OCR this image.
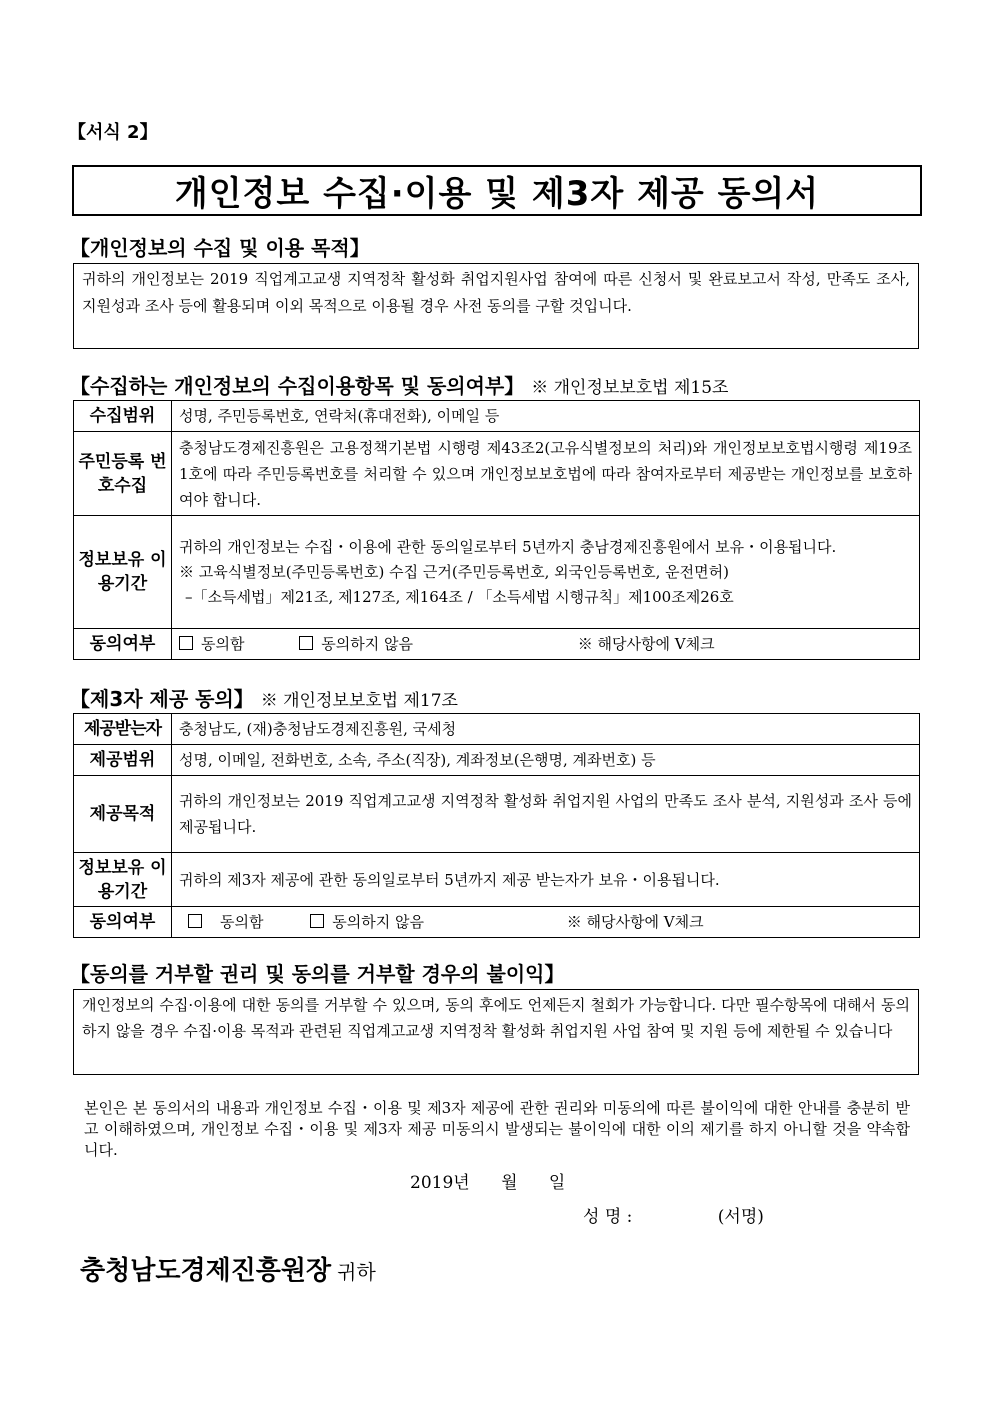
【서식 2】
개인정보 수집·이용 및 제3자 제공 동의서
【개인정보의 수집 및 이용 목적】
귀하의 개인정보는 2019 직업계고교생 지역정착 활성화 취업지원사업 참여에 따른 신청서 및 완료보고서 작성, 만족도 조사, 지원성과 조사 등에 활용되며 이외 목적으로 이용될 경우 사전 동의를 구할 것입니다.
【수집하는 개인정보의 수집이용항목 및 동의여부】 ※ 개인정보보호법 제15조
수집범위	성명, 주민등록번호, 연락처(휴대전화), 이메일 등
주민등록 번호수집	충청남도경제진흥원은 고용정책기본법 시행령 제43조2(고유식별정보의 처리)와 개인정보보호법시행령 제19조1호에 따라 주민등록번호를 처리할 수 있으며 개인정보보호법에 따라 참여자로부터 제공받는 개인정보를 보호하여야 합니다.
정보보유 이용기간	귀하의 개인정보는 수집・이용에 관한 동의일로부터 5년까지 충남경제진흥원에서 보유・이용됩니다.
※ 고육식별정보(주민등록번호) 수집 근거(주민등록번호, 외국인등록번호, 운전면허)
–「소득세법」제21조, 제127조, 제164조 / 「소득세법 시행규칙」제100조제26호

동의여부	동의함 동의하지 않음 ※ 해당사항에 V체크
【제3자 제공 동의】 ※ 개인정보보호법 제17조
제공받는자	충청남도, (재)충청남도경제진흥원, 국세청
제공범위	성명, 이메일, 전화번호, 소속, 주소(직장), 계좌정보(은행명, 계좌번호) 등
제공목적	귀하의 개인정보는 2019 직업계고교생 지역정착 활성화 취업지원 사업의 만족도 조사 분석, 지원성과 조사 등에 제공됩니다.
정보보유 이용기간	귀하의 제3자 제공에 관한 동의일로부터 5년까지 제공 받는자가 보유・이용됩니다.
동의여부	동의함 동의하지 않음 ※ 해당사항에 V체크
【동의를 거부할 권리 및 동의를 거부할 경우의 불이익】
개인정보의 수집·이용에 대한 동의를 거부할 수 있으며, 동의 후에도 언제든지 철회가 가능합니다. 다만 필수항목에 대해서 동의하지 않을 경우 수집·이용 목적과 관련된 직업계고교생 지역정착 활성화 취업지원 사업 참여 및 지원 등에 제한될 수 있습니다
본인은 본 동의서의 내용과 개인정보 수집・이용 및 제3자 제공에 관한 권리와 미동의에 따른 불이익에 대한 안내를 충분히 받고 이해하였으며, 개인정보 수집・이용 및 제3자 제공 미동의시 발생되는 불이익에 대한 이의 제기를 하지 아니할 것을 약속합니다.
2019년 월 일
성 명 :	(서명)
충청남도경제진흥원장 귀하
